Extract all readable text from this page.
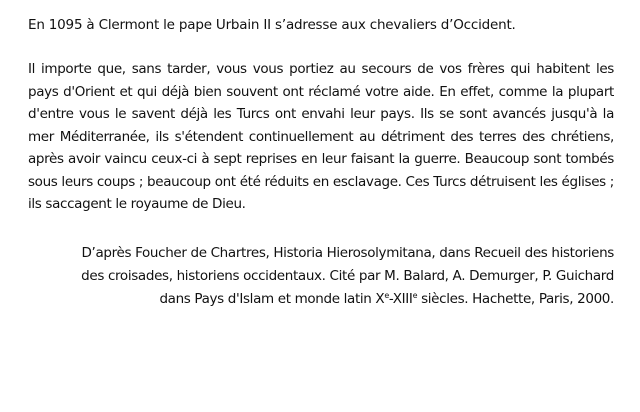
En 1095 à Clermont le pape Urbain II s’adresse aux chevaliers d’Occident.

Il importe que, sans tarder, vous vous portiez au secours de vos frères qui habitent les pays d'Orient et qui déjà bien souvent ont réclamé votre aide. En effet, comme la plupart d'entre vous le savent déjà les Turcs ont envahi leur pays. Ils se sont avancés jusqu'à la mer Méditerranée, ils s'étendent continuellement au détriment des terres des chrétiens, après avoir vaincu ceux-ci à sept reprises en leur faisant la guerre. Beaucoup sont tombés sous leurs coups ; beaucoup ont été réduits en esclavage. Ces Turcs détruisent les églises ; ils saccagent le royaume de Dieu.

D’après Foucher de Chartres, Historia Hierosolymitana, dans Recueil des historiens
des croisades, historiens occidentaux. Cité par M. Balard, A. Demurger, P. Guichard
dans Pays d'Islam et monde latin Xe-XIIIe siècles. Hachette, Paris, 2000.
